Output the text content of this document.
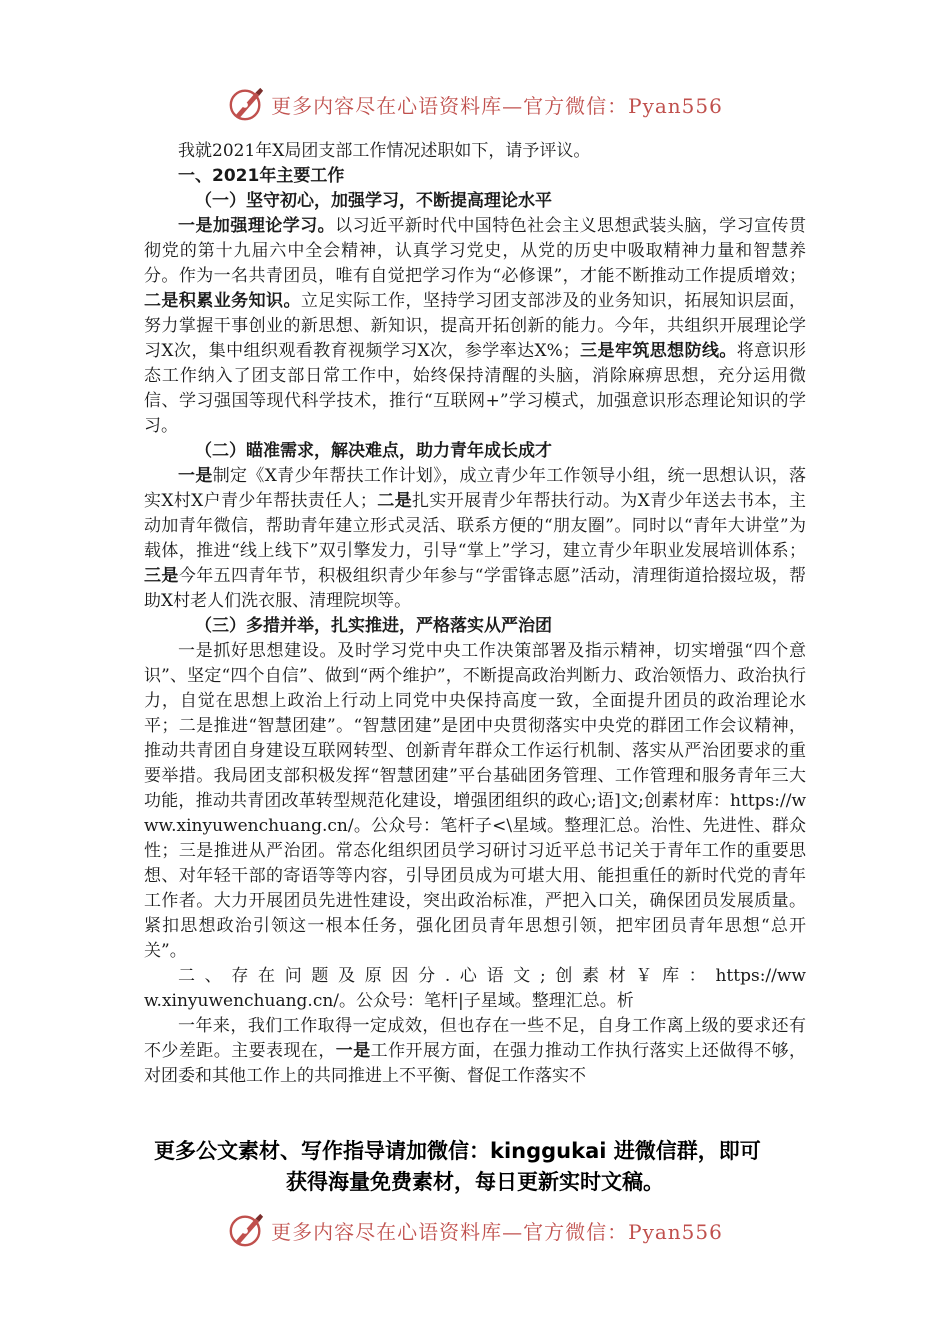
更多内容尽在心语资料库—官方微信：Pyan556

我就2021年X局团支部工作情况述职如下，请予评议。

一、2021年主要工作

（一）坚守初心，加强学习，不断提高理论水平

一是加强理论学习。以习近平新时代中国特色社会主义思想武装头脑，学习宣传贯彻党的第十九届六中全会精神，认真学习党史，从党的历史中吸取精神力量和智慧养分。作为一名共青团员，唯有自觉把学习作为“必修课”，才能不断推动工作提质增效；二是积累业务知识。立足实际工作，坚持学习团支部涉及的业务知识，拓展知识层面，努力掌握干事创业的新思想、新知识，提高开拓创新的能力。今年，共组织开展理论学习X次，集中组织观看教育视频学习X次，参学率达X%；三是牢筑思想防线。将意识形态工作纳入了团支部日常工作中，始终保持清醒的头脑，消除麻痹思想，充分运用微信、学习强国等现代科学技术，推行“互联网+”学习模式，加强意识形态理论知识的学习。

（二）瞄准需求，解决难点，助力青年成长成才

一是制定《X青少年帮扶工作计划》，成立青少年工作领导小组，统一思想认识，落实X村X户青少年帮扶责任人；二是扎实开展青少年帮扶行动。为X青少年送去书本，主动加青年微信，帮助青年建立形式灵活、联系方便的“朋友圈”。同时以“青年大讲堂”为载体，推进“线上线下”双引擎发力，引导“掌上”学习，建立青少年职业发展培训体系；三是今年五四青年节，积极组织青少年参与“学雷锋志愿”活动，清理街道拾掇垃圾，帮助X村老人们洗衣服、清理院坝等。

（三）多措并举，扎实推进，严格落实从严治团

一是抓好思想建设。及时学习党中央工作决策部署及指示精神，切实增强“四个意识”、坚定“四个自信”、做到“两个维护”，不断提高政治判断力、政治领悟力、政治执行力，自觉在思想上政治上行动上同党中央保持高度一致，全面提升团员的政治理论水平；二是推进“智慧团建”。“智慧团建”是团中央贯彻落实中央党的群团工作会议精神，推动共青团自身建设互联网转型、创新青年群众工作运行机制、落实从严治团要求的重要举措。我局团支部积极发挥“智慧团建”平台基础团务管理、工作管理和服务青年三大功能，推动共青团改革转型规范化建设，增强团组织的政心;语]文;创素材库：https://www.xinyuwenchuang.cn/。公众号：笔杆子<\星域。整理汇总。治性、先进性、群众性；三是推进从严治团。常态化组织团员学习研讨习近平总书记关于青年工作的重要思想、对年轻干部的寄语等等内容，引导团员成为可堪大用、能担重任的新时代党的青年工作者。大力开展团员先进性建设，突出政治标准，严把入口关，确保团员发展质量。紧扣思想政治引领这一根本任务，强化团员青年思想引领，把牢团员青年思想“总开关”。

二、存在问题及原因分.心语文;创素材￥库：https://www.xinyuwenchuang.cn/。公众号：笔杆|子星域。整理汇总。析

一年来，我们工作取得一定成效，但也存在一些不足，自身工作离上级的要求还有不少差距。主要表现在，一是工作开展方面，在强力推动工作执行落实上还做得不够，对团委和其他工作上的共同推进上不平衡、督促工作落实不

更多公文素材、写作指导请加微信：kinggukai 进微信群，即可
获得海量免费素材，每日更新实时文稿。
更多内容尽在心语资料库—官方微信：Pyan556
